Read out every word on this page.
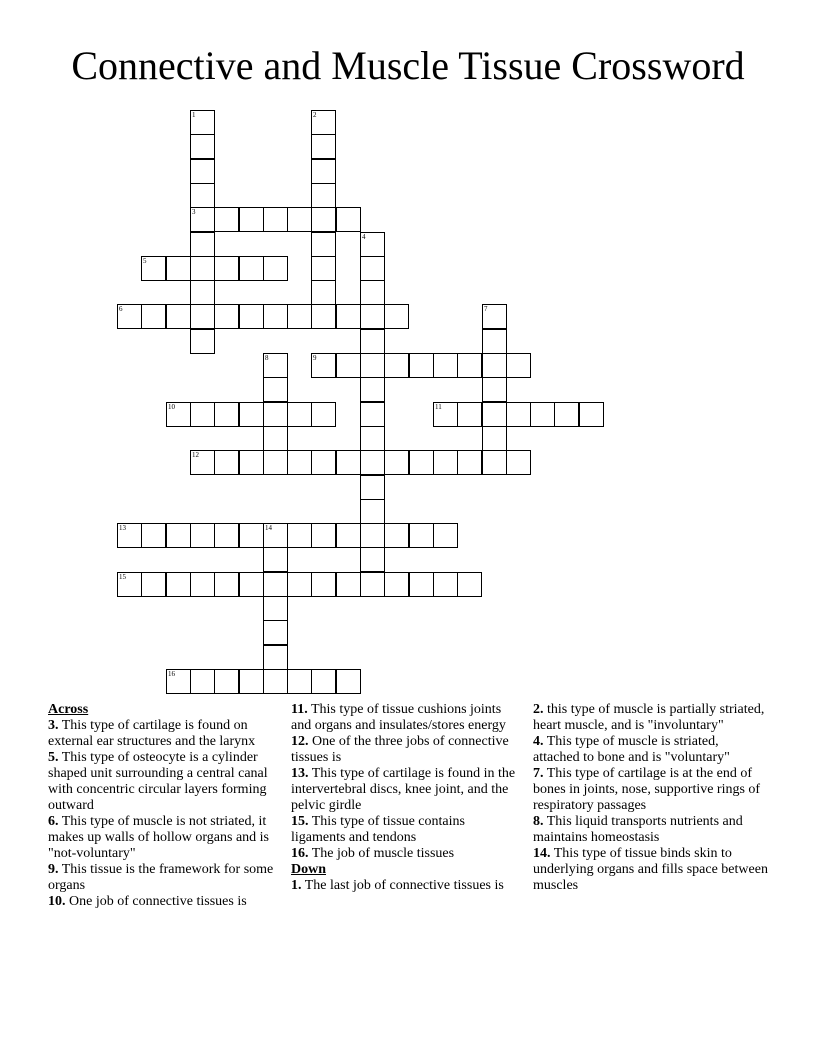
Connective and Muscle Tissue Crossword
1
3
2
4
5
6	7
8	9
10	11
12
13	14
15
16
Across
3. This type of cartilage is found on external ear structures and the larynx
5. This type of osteocyte is a cylinder shaped unit surrounding a central canal with concentric circular layers forming outward
6. This type of muscle is not striated, it makes up walls of hollow organs and is "not-voluntary"
9. This tissue is the framework for some organs
10. One job of connective tissues is
11. This type of tissue cushions joints and organs and insulates/stores energy
12. One of the three jobs of connective tissues is
13. This type of cartilage is found in the intervertebral discs, knee joint, and the pelvic girdle
15. This type of tissue contains ligaments and tendons
16. The job of muscle tissues
Down
1. The last job of connective tissues is
2. this type of muscle is partially striated, heart muscle, and is "involuntary"
4. This type of muscle is striated, attached to bone and is "voluntary"
7. This type of cartilage is at the end of bones in joints, nose, supportive rings of respiratory passages
8. This liquid transports nutrients and maintains homeostasis
14. This type of tissue binds skin to underlying organs and fills space between muscles
